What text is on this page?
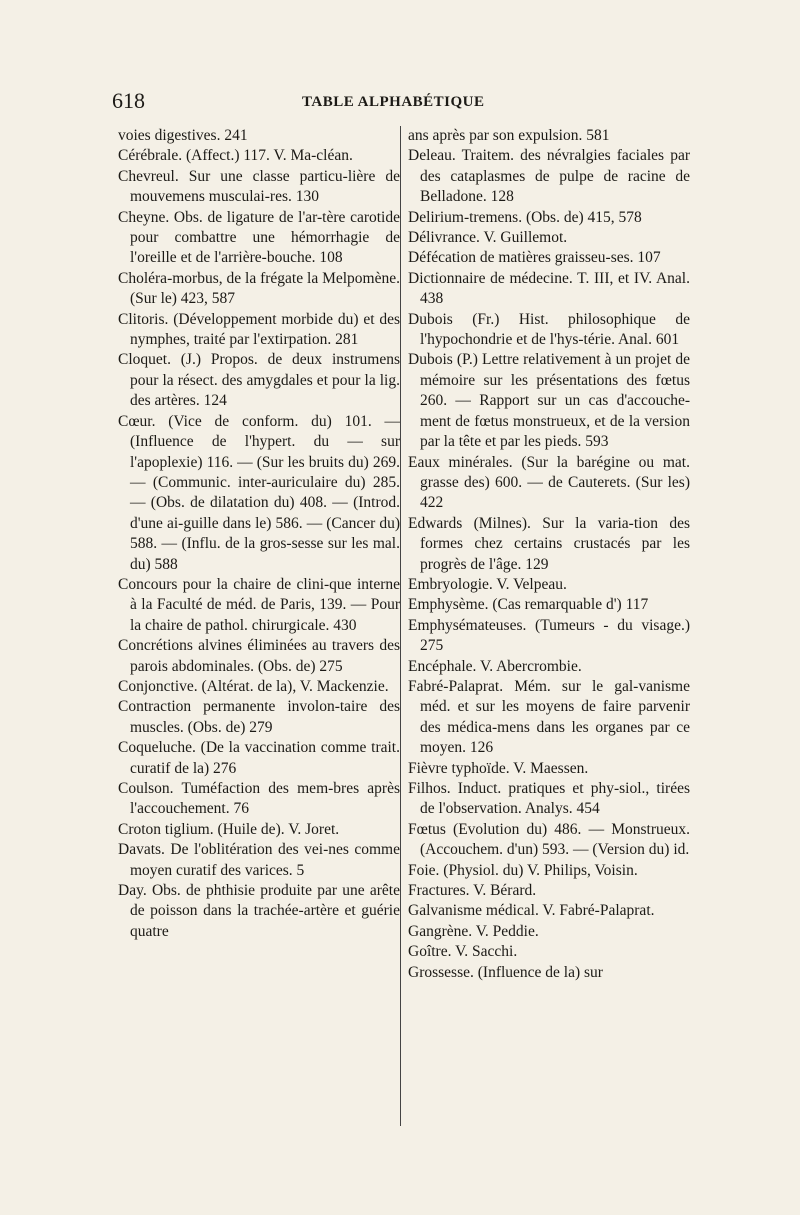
618	TABLE ALPHABÉTIQUE

voies digestives. 241

Cérébrale. (Affect.) 117. V. Ma-cléan.

Chevreul. Sur une classe particu-lière de mouvemens musculai-res. 130

Cheyne. Obs. de ligature de l'ar-tère carotide pour combattre une hémorrhagie de l'oreille et de l'arrière-bouche. 108

Choléra-morbus, de la frégate la Melpomène. (Sur le) 423, 587

Clitoris. (Développement morbide du) et des nymphes, traité par l'extirpation. 281

Cloquet. (J.) Propos. de deux instrumens pour la résect. des amygdales et pour la lig. des artères. 124

Cœur. (Vice de conform. du) 101. — (Influence de l'hypert. du — sur l'apoplexie) 116. — (Sur les bruits du) 269. — (Communic. inter-auriculaire du) 285. — (Obs. de dilatation du) 408. — (Introd. d'une ai-guille dans le) 586. — (Cancer du) 588. — (Influ. de la gros-sesse sur les mal. du) 588

Concours pour la chaire de clini-que interne à la Faculté de méd. de Paris, 139. — Pour la chaire de pathol. chirurgicale. 430

Concrétions alvines éliminées au travers des parois abdominales. (Obs. de) 275

Conjonctive. (Altérat. de la), V. Mackenzie.

Contraction permanente involon-taire des muscles. (Obs. de) 279

Coqueluche. (De la vaccination comme trait. curatif de la) 276

Coulson. Tuméfaction des mem-bres après l'accouchement. 76

Croton tiglium. (Huile de). V. Joret.

Davats. De l'oblitération des vei-nes comme moyen curatif des varices. 5

Day. Obs. de phthisie produite par une arête de poisson dans la trachée-artère et guérie quatre

ans après par son expulsion. 581

Deleau. Traitem. des névralgies faciales par des cataplasmes de pulpe de racine de Belladone. 128

Delirium-tremens. (Obs. de) 415, 578

Délivrance. V. Guillemot.

Défécation de matières graisseu-ses. 107

Dictionnaire de médecine. T. III, et IV. Anal. 438

Dubois (Fr.) Hist. philosophique de l'hypochondrie et de l'hys-térie. Anal. 601

Dubois (P.) Lettre relativement à un projet de mémoire sur les présentations des fœtus 260. — Rapport sur un cas d'accouche-ment de fœtus monstrueux, et de la version par la tête et par les pieds. 593

Eaux minérales. (Sur la barégine ou mat. grasse des) 600. — de Cauterets. (Sur les) 422

Edwards (Milnes). Sur la varia-tion des formes chez certains crustacés par les progrès de l'âge. 129

Embryologie. V. Velpeau.

Emphysème. (Cas remarquable d') 117

Emphysémateuses. (Tumeurs - du visage.) 275

Encéphale. V. Abercrombie.

Fabré-Palaprat. Mém. sur le gal-vanisme méd. et sur les moyens de faire parvenir des médica-mens dans les organes par ce moyen. 126

Fièvre typhoïde. V. Maessen.

Filhos. Induct. pratiques et phy-siol., tirées de l'observation. Analys. 454

Fœtus (Evolution du) 486. — Monstrueux. (Accouchem. d'un) 593. — (Version du) id.

Foie. (Physiol. du) V. Philips, Voisin.

Fractures. V. Bérard.

Galvanisme médical. V. Fabré-Palaprat.

Gangrène. V. Peddie.

Goître. V. Sacchi.

Grossesse. (Influence de la) sur
